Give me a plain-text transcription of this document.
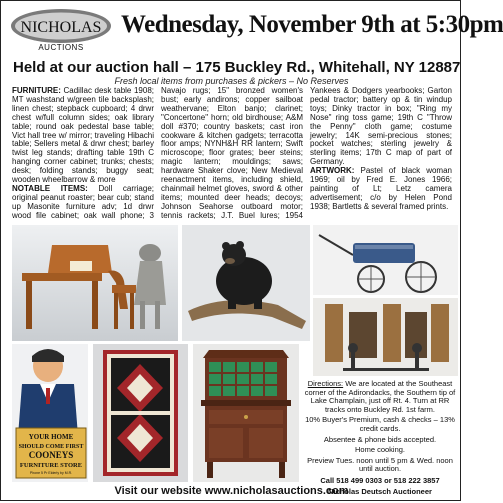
NICHOLAS
AUCTIONS
Wednesday, November 9th at 5:30pm
Held at our auction hall – 175 Buckley Rd., Whitehall, NY 12887
Fresh local items from purchases & pickers – No Reserves

FURNITURE: Cadillac desk table 1908; MT washstand w/green tile backsplash; linen chest; stepback cupboard; 4 drwr chest w/full column sides; oak library table; round oak pedestal base table; Vict hall tree w/ mirror; traveling Hibachi table; Sellers metal & drwr chest; barley twist leg stands; drafting table 19th C hanging corner cabinet; trunks; chests; desk; folding stands; buggy seat; wooden wheelbarrow & more

NOTABLE ITEMS: Doll carriage; original peanut roaster; bear cub; stand up Masonite furniture adv; 1d drwr wood file cabinet; oak wall phone; 3 Navajo rugs; 15" bronzed women's bust; early andirons; copper sailboat weathervane; Elton banjo; clarinet; "Concertone" horn; old birdhouse; A&M doll #370; country baskets; cast iron cookware & kitchen gadgets; terracotta floor amps; NYNH&H RR lantern; Swift microscope; floor grates; beer steins; magic lantern; mouldings; saws; hardware Shaker clove; New Medieval reenactment items, including shield, chainmail helmet gloves, sword & other items; mounted deer heads; decoys; Johnson Seahorse outboard motor; tennis rackets; J.T. Buel lures; 1954 Yankees & Dodgers yearbooks; Garton pedal tractor; battery op & tin windup toys; Dinky tractor in box; "Ring my Nose" ring toss game; 19th C "Throw the Penny" cloth game; costume jewelry; 14K semi-precious stones; pocket watches; sterling jewelry & sterling items; 17th C map of part of Germany.

ARTWORK: Pastel of black woman 1969; oil by Fred E. Jones 1966; painting of Lt; Letz camera advertisement; c/o by Helen Pond 1938; Bartletts & several framed prints.

YOUR HOME
SHOULD COME FIRST
COONEYS
FURNITURE STORE
Phone 5 Pr Elderly by M.R.

Directions: We are located at the Southeast corner of the Adirondacks, the Southern tip of Lake Champlain, just off Rt. 4. Turn at RR tracks onto Buckley Rd. 1st farm.

10% Buyer's Premium, cash & checks – 13% credit cards.

Absentee & phone bids accepted.

Home cooking.

Preview Tues. noon until 5 pm & Wed. noon until auction.

Call 518 499 0303 or 518 222 3857

Nicholas Deutsch Auctioneer

Visit our website www.nicholasauctions.com
